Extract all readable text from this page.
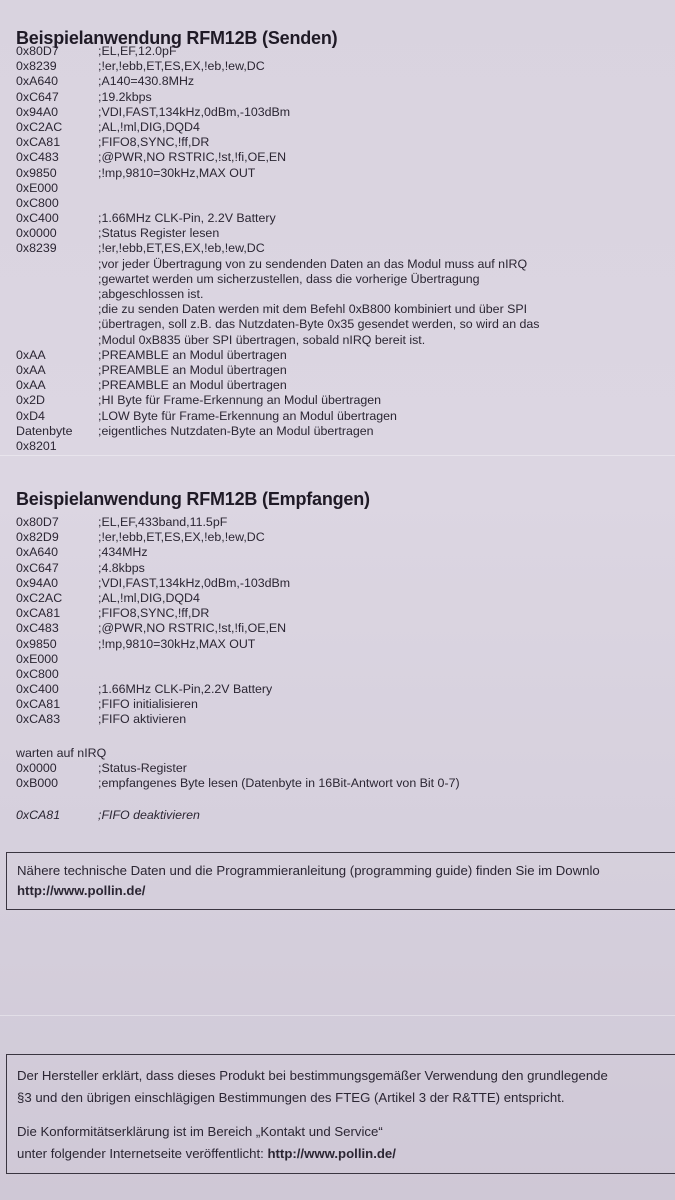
Beispielanwendung RFM12B (Senden)
0x80D7	;EL,EF,12.0pF
0x8239	;!er,!ebb,ET,ES,EX,!eb,!ew,DC
0xA640	;A140=430.8MHz
0xC647	;19.2kbps
0x94A0	;VDI,FAST,134kHz,0dBm,-103dBm
0xC2AC	;AL,!ml,DIG,DQD4
0xCA81	;FIFO8,SYNC,!ff,DR
0xC483	;@PWR,NO RSTRIC,!st,!fi,OE,EN
0x9850	;!mp,9810=30kHz,MAX OUT
0xE000
0xC800
0xC400	;1.66MHz CLK-Pin, 2.2V Battery
0x0000	;Status Register lesen
0x8239	;!er,!ebb,ET,ES,EX,!eb,!ew,DC
;vor jeder Übertragung von zu sendenden Daten an das Modul muss auf nIRQ
;gewartet werden um sicherzustellen, dass die vorherige Übertragung
;abgeschlossen ist.
;die zu senden Daten werden mit dem Befehl 0xB800 kombiniert und über SPI
;übertragen, soll z.B. das Nutzdaten-Byte 0x35 gesendet werden, so wird an das
;Modul 0xB835 über SPI übertragen, sobald nIRQ bereit ist.
0xAA	;PREAMBLE an Modul übertragen
0xAA	;PREAMBLE an Modul übertragen
0xAA	;PREAMBLE an Modul übertragen
0x2D	;HI Byte für Frame-Erkennung an Modul übertragen
0xD4	;LOW Byte für Frame-Erkennung an Modul übertragen
Datenbyte	;eigentliches Nutzdaten-Byte an Modul übertragen
0x8201
Beispielanwendung RFM12B (Empfangen)
0x80D7	;EL,EF,433band,11.5pF
0x82D9	;!er,!ebb,ET,ES,EX,!eb,!ew,DC
0xA640	;434MHz
0xC647	;4.8kbps
0x94A0	;VDI,FAST,134kHz,0dBm,-103dBm
0xC2AC	;AL,!ml,DIG,DQD4
0xCA81	;FIFO8,SYNC,!ff,DR
0xC483	;@PWR,NO RSTRIC,!st,!fi,OE,EN
0x9850	;!mp,9810=30kHz,MAX OUT
0xE000
0xC800
0xC400	;1.66MHz CLK-Pin,2.2V Battery
0xCA81	;FIFO initialisieren
0xCA83	;FIFO aktivieren
warten auf nIRQ
0x0000	;Status-Register
0xB000	;empfangenes Byte lesen (Datenbyte in 16Bit-Antwort von Bit 0-7)
0xCA81	;FIFO deaktivieren

Nähere technische Daten und die Programmieranleitung (programming guide) finden Sie im Downlo

http://www.pollin.de/

Der Hersteller erklärt, dass dieses Produkt bei bestimmungsgemäßer Verwendung den grundlegende

§3 und den übrigen einschlägigen Bestimmungen des FTEG (Artikel 3 der R&TTE) entspricht.

Die Konformitätserklärung ist im Bereich „Kontakt und Service“

unter folgender Internetseite veröffentlicht: http://www.pollin.de/
